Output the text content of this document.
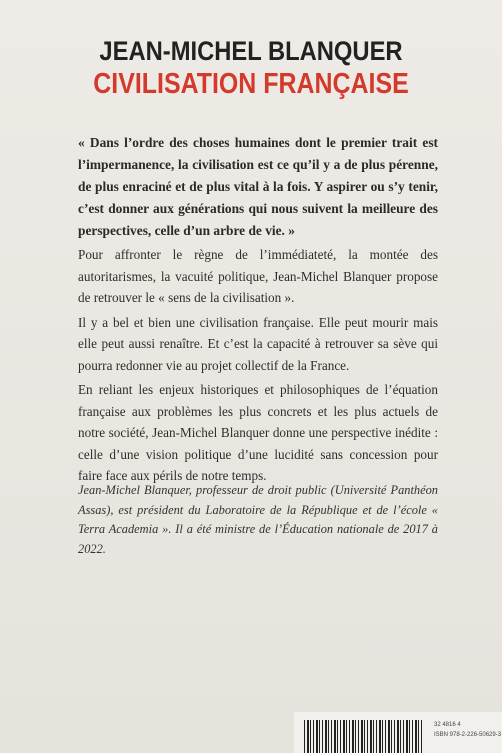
JEAN-MICHEL BLANQUER
CIVILISATION FRANÇAISE
« Dans l’ordre des choses humaines dont le premier trait est l’impermanence, la civilisation est ce qu’il y a de plus pérenne, de plus enraciné et de plus vital à la fois. Y aspirer ou s’y tenir, c’est donner aux générations qui nous suivent la meilleure des perspectives, celle d’un arbre de vie. »

Pour affronter le règne de l’immédiateté, la montée des autoritarismes, la vacuité politique, Jean-Michel Blanquer propose de retrouver le « sens de la civilisation ».

Il y a bel et bien une civilisation française. Elle peut mourir mais elle peut aussi renaître. Et c’est la capacité à retrouver sa sève qui pourra redonner vie au projet collectif de la France.

En reliant les enjeux historiques et philosophiques de l’équation française aux problèmes les plus concrets et les plus actuels de notre société, Jean-Michel Blanquer donne une perspective inédite : celle d’une vision politique d’une lucidité sans concession pour faire face aux périls de notre temps.

Jean-Michel Blanquer, professeur de droit public (Université Panthéon Assas), est président du Laboratoire de la République et de l’école « Terra Academia ». Il a été ministre de l’Éducation nationale de 2017 à 2022.
32 4816 4
ISBN 978-2-226-50629-3
